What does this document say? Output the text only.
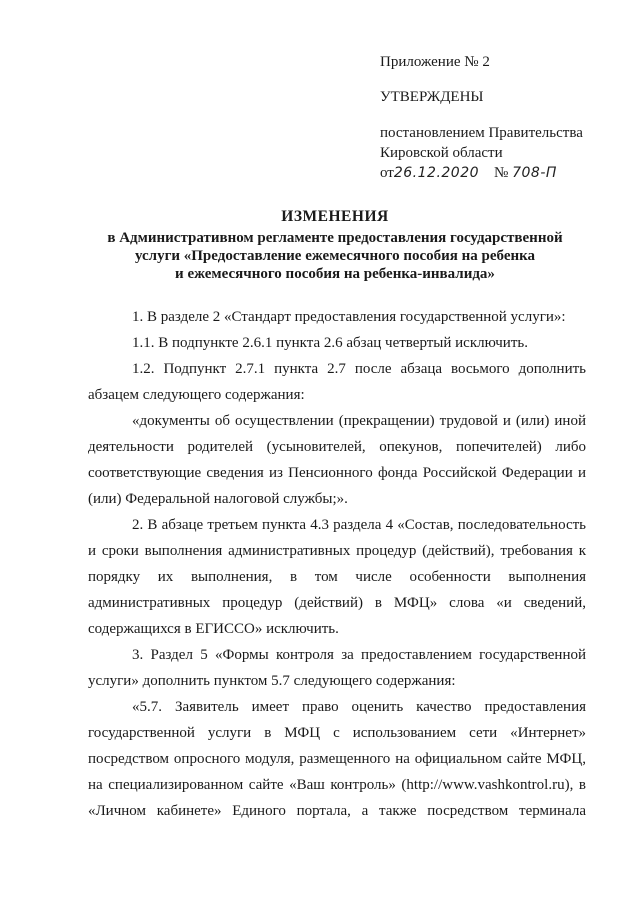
Приложение № 2
УТВЕРЖДЕНЫ
постановлением Правительства
Кировской области
от26.12.2020 № 708-П
ИЗМЕНЕНИЯ
в Административном регламенте предоставления государственной
услуги «Предоставление ежемесячного пособия на ребенка
и ежемесячного пособия на ребенка-инвалида»

1. В разделе 2 «Стандарт предоставления государственной услуги»:

1.1. В подпункте 2.6.1 пункта 2.6 абзац четвертый исключить.

1.2. Подпункт 2.7.1 пункта 2.7 после абзаца восьмого дополнить абзацем следующего содержания:

«документы об осуществлении (прекращении) трудовой и (или) иной деятельности родителей (усыновителей, опекунов, попечителей) либо соответствующие сведения из Пенсионного фонда Российской Федерации и (или) Федеральной налоговой службы;».

2. В абзаце третьем пункта 4.3 раздела 4 «Состав, последовательность и сроки выполнения административных процедур (действий), требования к порядку их выполнения, в том числе особенности выполнения административных процедур (действий) в МФЦ» слова «и сведений, содержащихся в ЕГИССО» исключить.

3. Раздел 5 «Формы контроля за предоставлением государственной услуги» дополнить пунктом 5.7 следующего содержания:

«5.7. Заявитель имеет право оценить качество предоставления государственной услуги в МФЦ с использованием сети «Интернет» посредством опросного модуля, размещенного на официальном сайте МФЦ, на специализированном сайте «Ваш контроль» (http://www.vashkontrol.ru), в «Личном кабинете» Единого портала, а также посредством терминала
